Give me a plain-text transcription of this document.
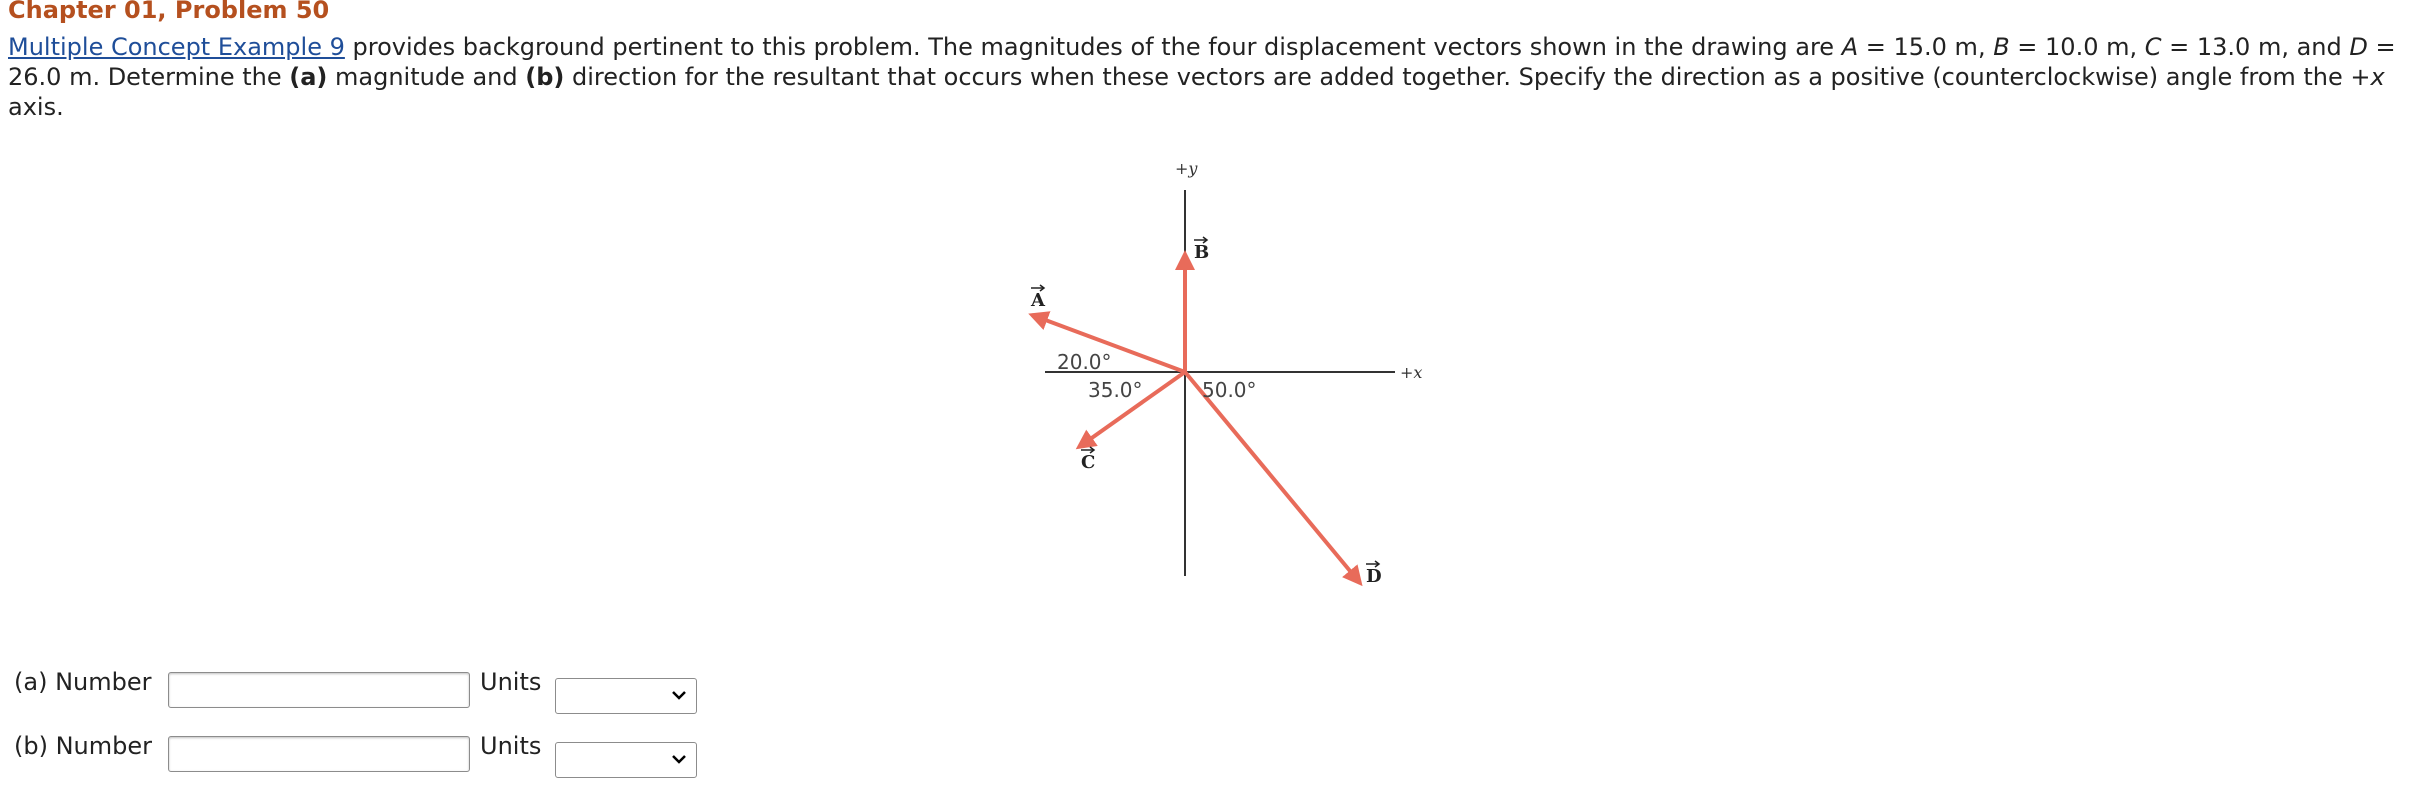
Chapter 01, Problem 50
Multiple Concept Example 9 provides background pertinent to this problem. The magnitudes of the four displacement vectors shown in the drawing are A = 15.0 m, B = 10.0 m, C = 13.0 m, and D = 26.0 m. Determine the (a) magnitude and (b) direction for the resultant that occurs when these vectors are added together. Specify the direction as a positive (counterclockwise) angle from the +x axis.
+y
+x
B
A
C
D
20.0°
35.0°	50.0°
(a) Number	Units
(b) Number	Units
